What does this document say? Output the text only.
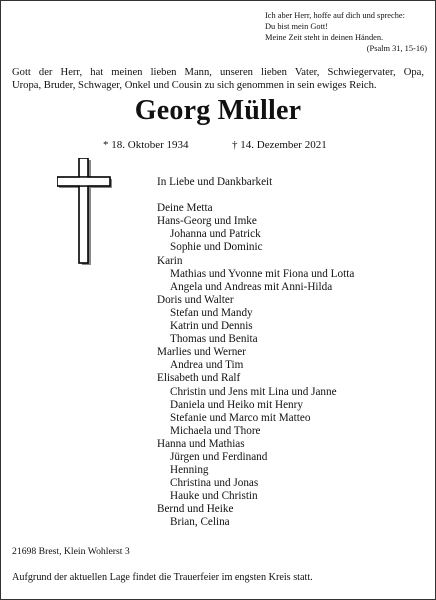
Ich aber Herr, hoffe auf dich und spreche:
Du bist mein Gott!
Meine Zeit steht in deinen Händen.
(Psalm 31, 15-16)
Gott der Herr, hat meinen lieben Mann, unseren lieben Vater, Schwiegervater, Opa,
Uropa, Bruder, Schwager, Onkel und Cousin zu sich genommen in sein ewiges Reich.
Georg Müller
* 18. Oktober 1934	† 14. Dezember 2021
In Liebe und Dankbarkeit
Deine Metta
Hans-Georg und Imke
Johanna und Patrick
Sophie und Dominic
Karin
Mathias und Yvonne mit Fiona und Lotta
Angela und Andreas mit Anni-Hilda
Doris und Walter
Stefan und Mandy
Katrin und Dennis
Thomas und Benita
Marlies und Werner
Andrea und Tim
Elisabeth und Ralf
Christin und Jens mit Lina und Janne
Daniela und Heiko mit Henry
Stefanie und Marco mit Matteo
Michaela und Thore
Hanna und Mathias
Jürgen und Ferdinand
Henning
Christina und Jonas
Hauke und Christin
Bernd und Heike
Brian, Celina
21698 Brest, Klein Wohlerst 3
Aufgrund der aktuellen Lage findet die Trauerfeier im engsten Kreis statt.
